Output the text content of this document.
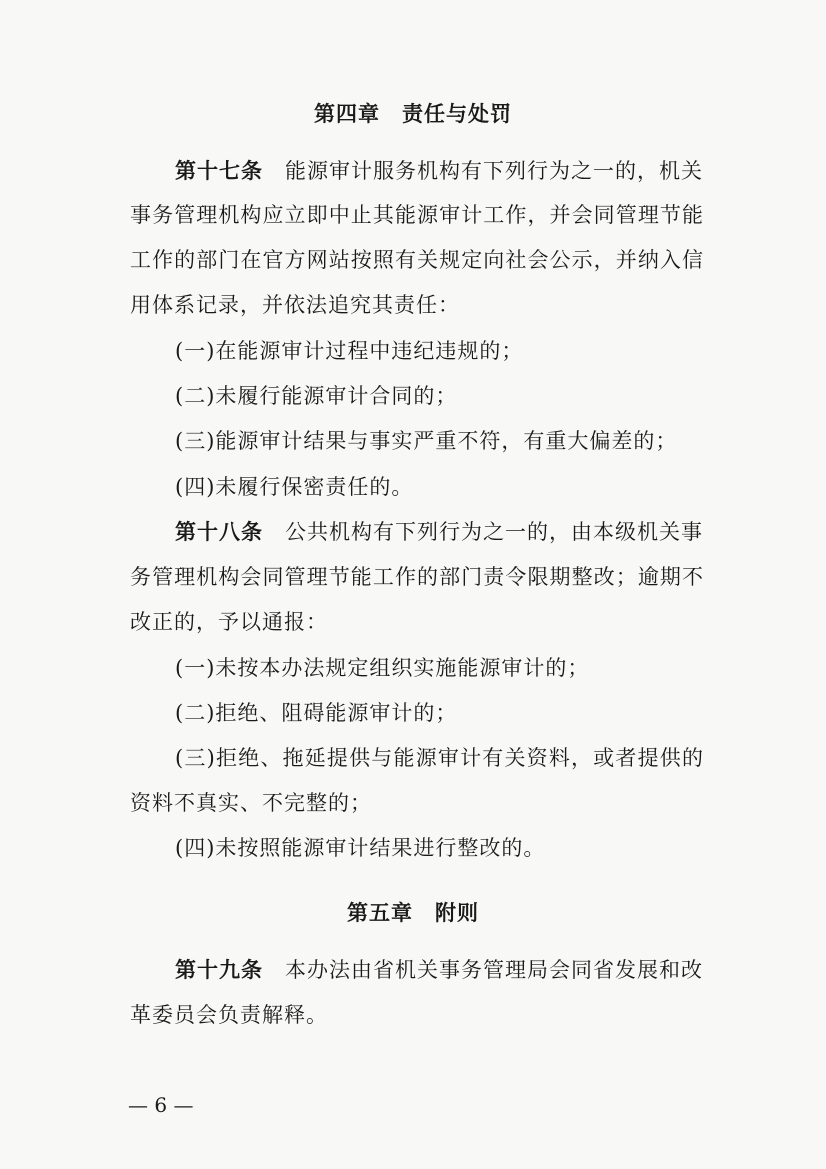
第四章　责任与处罚
第十七条 能源审计服务机构有下列行为之一的，机关
事务管理机构应立即中止其能源审计工作，并会同管理节能
工作的部门在官方网站按照有关规定向社会公示，并纳入信
用体系记录，并依法追究其责任：
(一)在能源审计过程中违纪违规的；
(二)未履行能源审计合同的；
(三)能源审计结果与事实严重不符，有重大偏差的；
(四)未履行保密责任的。
第十八条 公共机构有下列行为之一的，由本级机关事
务管理机构会同管理节能工作的部门责令限期整改；逾期不
改正的，予以通报：
(一)未按本办法规定组织实施能源审计的；
(二)拒绝、阻碍能源审计的；
(三)拒绝、拖延提供与能源审计有关资料，或者提供的
资料不真实、不完整的；
(四)未按照能源审计结果进行整改的。
第五章　附则
第十九条 本办法由省机关事务管理局会同省发展和改
革委员会负责解释。
— 6 —
